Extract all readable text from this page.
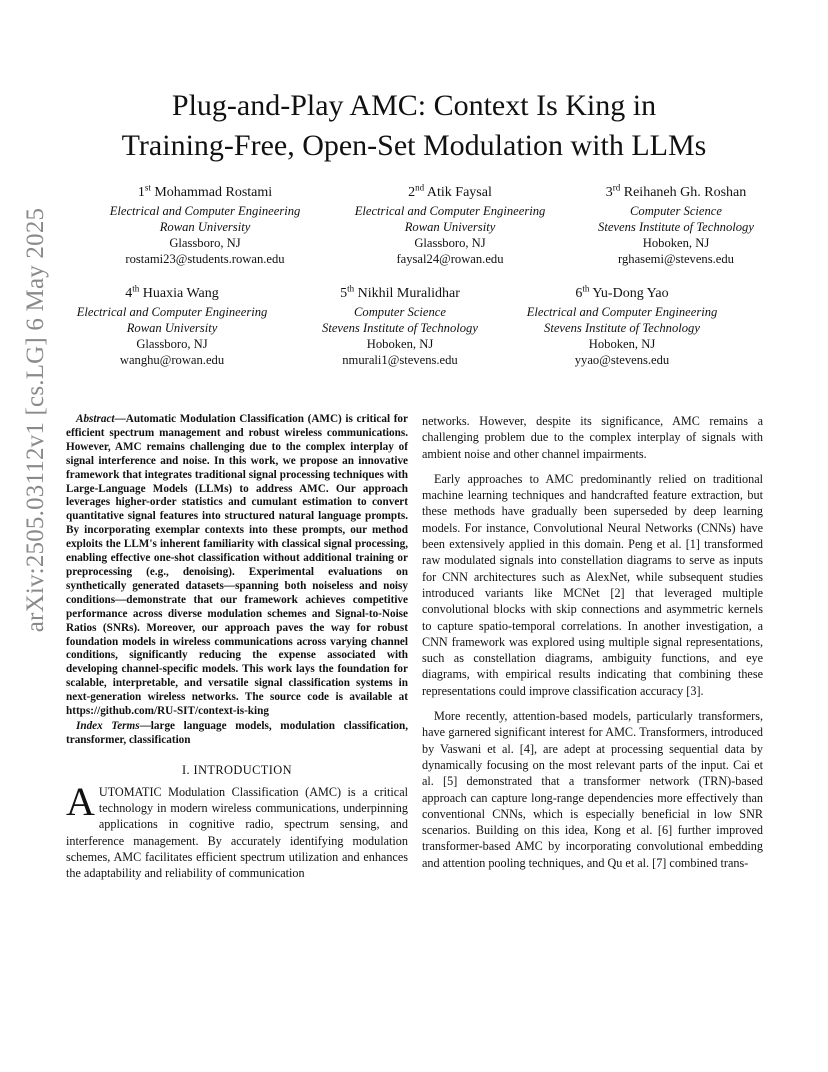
arXiv:2505.03112v1 [cs.LG] 6 May 2025
Plug-and-Play AMC: Context Is King in
Training-Free, Open-Set Modulation with LLMs
1st Mohammad Rostami
Electrical and Computer Engineering
Rowan University
Glassboro, NJ
rostami23@students.rowan.edu
2nd Atik Faysal
Electrical and Computer Engineering
Rowan University
Glassboro, NJ
faysal24@rowan.edu
3rd Reihaneh Gh. Roshan
Computer Science
Stevens Institute of Technology
Hoboken, NJ
rghasemi@stevens.edu
4th Huaxia Wang
Electrical and Computer Engineering
Rowan University
Glassboro, NJ
wanghu@rowan.edu
5th Nikhil Muralidhar
Computer Science
Stevens Institute of Technology
Hoboken, NJ
nmurali1@stevens.edu
6th Yu-Dong Yao
Electrical and Computer Engineering
Stevens Institute of Technology
Hoboken, NJ
yyao@stevens.edu
Abstract—Automatic Modulation Classification (AMC) is critical for efficient spectrum management and robust wireless communications. However, AMC remains challenging due to the complex interplay of signal interference and noise. In this work, we propose an innovative framework that integrates traditional signal processing techniques with Large-Language Models (LLMs) to address AMC. Our approach leverages higher-order statistics and cumulant estimation to convert quantitative signal features into structured natural language prompts. By incorporating exemplar contexts into these prompts, our method exploits the LLM's inherent familiarity with classical signal processing, enabling effective one-shot classification without additional training or preprocessing (e.g., denoising). Experimental evaluations on synthetically generated datasets—spanning both noiseless and noisy conditions—demonstrate that our framework achieves competitive performance across diverse modulation schemes and Signal-to-Noise Ratios (SNRs). Moreover, our approach paves the way for robust foundation models in wireless communications across varying channel conditions, significantly reducing the expense associated with developing channel-specific models. This work lays the foundation for scalable, interpretable, and versatile signal classification systems in next-generation wireless networks. The source code is available at https://github.com/RU-SIT/context-is-king
Index Terms—large language models, modulation classification, transformer, classification
I. INTRODUCTION

AUTOMATIC Modulation Classification (AMC) is a critical technology in modern wireless communications, underpinning applications in cognitive radio, spectrum sensing, and interference management. By accurately identifying modulation schemes, AMC facilitates efficient spectrum utilization and enhances the adaptability and reliability of communication

networks. However, despite its significance, AMC remains a challenging problem due to the complex interplay of signals with ambient noise and other channel impairments.

Early approaches to AMC predominantly relied on traditional machine learning techniques and handcrafted feature extraction, but these methods have gradually been superseded by deep learning models. For instance, Convolutional Neural Networks (CNNs) have been extensively applied in this domain. Peng et al. [1] transformed raw modulated signals into constellation diagrams to serve as inputs for CNN architectures such as AlexNet, while subsequent studies introduced variants like MCNet [2] that leveraged multiple convolutional blocks with skip connections and asymmetric kernels to capture spatio-temporal correlations. In another investigation, a CNN framework was explored using multiple signal representations, such as constellation diagrams, ambiguity functions, and eye diagrams, with empirical results indicating that combining these representations could improve classification accuracy [3].

More recently, attention-based models, particularly transformers, have garnered significant interest for AMC. Transformers, introduced by Vaswani et al. [4], are adept at processing sequential data by dynamically focusing on the most relevant parts of the input. Cai et al. [5] demonstrated that a transformer network (TRN)-based approach can capture long-range dependencies more effectively than conventional CNNs, which is especially beneficial in low SNR scenarios. Building on this idea, Kong et al. [6] further improved transformer-based AMC by incorporating convolutional embedding and attention pooling techniques, and Qu et al. [7] combined trans-
